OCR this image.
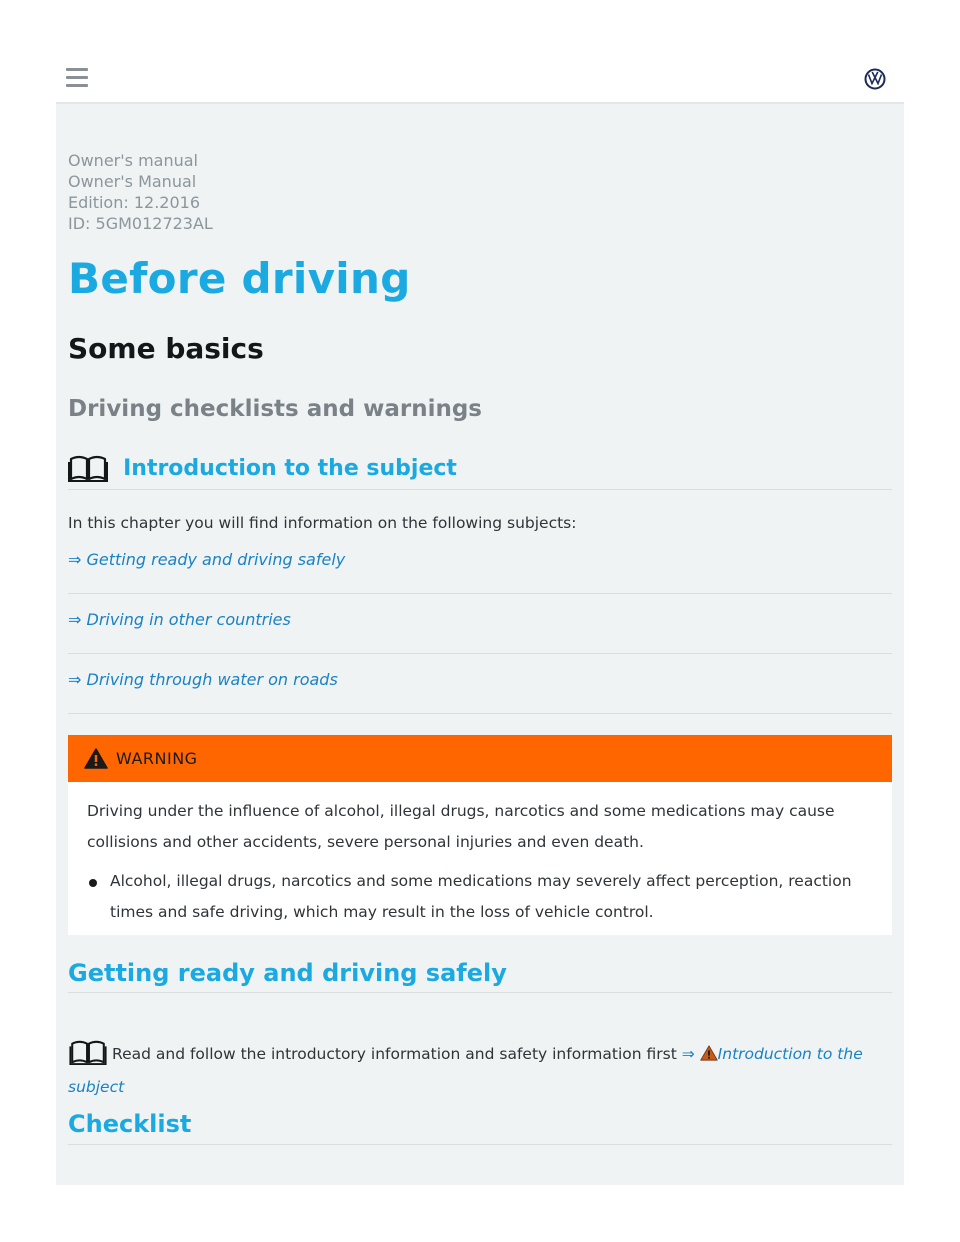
Owner's manual
Owner's Manual
Edition: 12.2016
ID: 5GM012723AL
Before driving
Some basics
Driving checklists and warnings
Introduction to the subject
In this chapter you will find information on the following subjects:
⇒ Getting ready and driving safely
⇒ Driving in other countries
⇒ Driving through water on roads
WARNING
Driving under the influence of alcohol, illegal drugs, narcotics and some medications may cause collisions and other accidents, severe personal injuries and even death.
Alcohol, illegal drugs, narcotics and some medications may severely affect perception, reaction times and safe driving, which may result in the loss of vehicle control.
Getting ready and driving safely
Read and follow the introductory information and safety information first ⇒ Introduction to the
subject
Checklist
